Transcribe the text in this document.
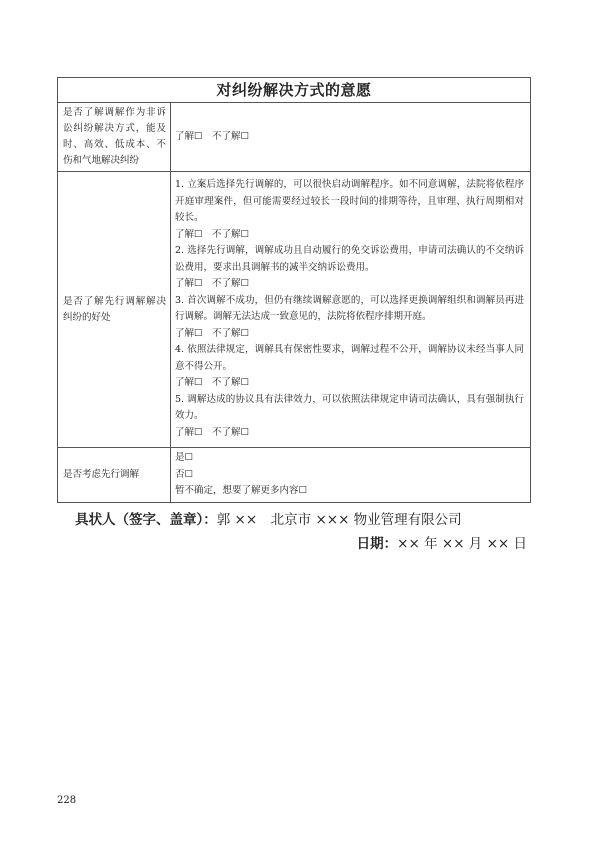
对纠纷解决方式的意愿
是否了解调解作为非诉讼纠纷解决方式，能及时、高效、低成本、不伤和气地解决纠纷
了解☐　不了解☐
是否了解先行调解解决纠纷的好处

1. 立案后选择先行调解的，可以很快启动调解程序。如不同意调解，法院将依程序开庭审理案件，但可能需要经过较长一段时间的排期等待，且审理、执行周期相对较长。

了解☐　不了解☐

2. 选择先行调解，调解成功且自动履行的免交诉讼费用，申请司法确认的不交纳诉讼费用，要求出具调解书的减半交纳诉讼费用。

了解☐　不了解☐

3. 首次调解不成功，但仍有继续调解意愿的，可以选择更换调解组织和调解员再进行调解。调解无法达成一致意见的，法院将依程序排期开庭。

了解☐　不了解☐

4. 依照法律规定，调解具有保密性要求，调解过程不公开，调解协议未经当事人同意不得公开。

了解☐　不了解☐

5. 调解达成的协议具有法律效力，可以依照法律规定申请司法确认，具有强制执行效力。

了解☐　不了解☐

是否考虑先行调解
是☐
否☐
暂不确定，想要了解更多内容☐
具状人（签字、盖章）：郭 ××　北京市 ××× 物业管理有限公司
日期：×× 年 ×× 月 ×× 日
228
